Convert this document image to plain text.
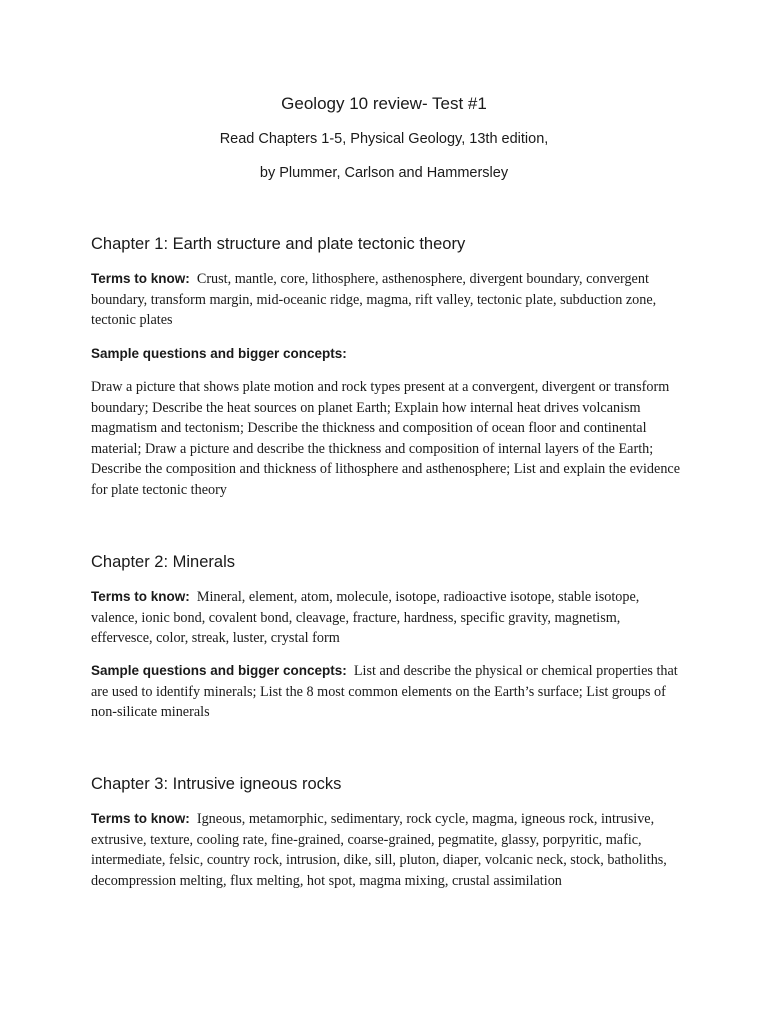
Geology 10 review- Test #1

Read Chapters 1-5, Physical Geology, 13th edition,

by Plummer, Carlson and Hammersley

Chapter 1: Earth structure and plate tectonic theory

Terms to know: Crust, mantle, core, lithosphere, asthenosphere, divergent boundary, convergent boundary, transform margin, mid-oceanic ridge, magma, rift valley, tectonic plate, subduction zone, tectonic plates

Sample questions and bigger concepts:

Draw a picture that shows plate motion and rock types present at a convergent, divergent or transform boundary; Describe the heat sources on planet Earth; Explain how internal heat drives volcanism magmatism and tectonism; Describe the thickness and composition of ocean floor and continental material; Draw a picture and describe the thickness and composition of internal layers of the Earth; Describe the composition and thickness of lithosphere and asthenosphere; List and explain the evidence for plate tectonic theory

Chapter 2: Minerals

Terms to know: Mineral, element, atom, molecule, isotope, radioactive isotope, stable isotope, valence, ionic bond, covalent bond, cleavage, fracture, hardness, specific gravity, magnetism, effervesce, color, streak, luster, crystal form

Sample questions and bigger concepts: List and describe the physical or chemical properties that are used to identify minerals; List the 8 most common elements on the Earth’s surface; List groups of non-silicate minerals

Chapter 3: Intrusive igneous rocks

Terms to know: Igneous, metamorphic, sedimentary, rock cycle, magma, igneous rock, intrusive, extrusive, texture, cooling rate, fine-grained, coarse-grained, pegmatite, glassy, porpyritic, mafic, intermediate, felsic, country rock, intrusion, dike, sill, pluton, diaper, volcanic neck, stock, batholiths, decompression melting, flux melting, hot spot, magma mixing, crustal assimilation
